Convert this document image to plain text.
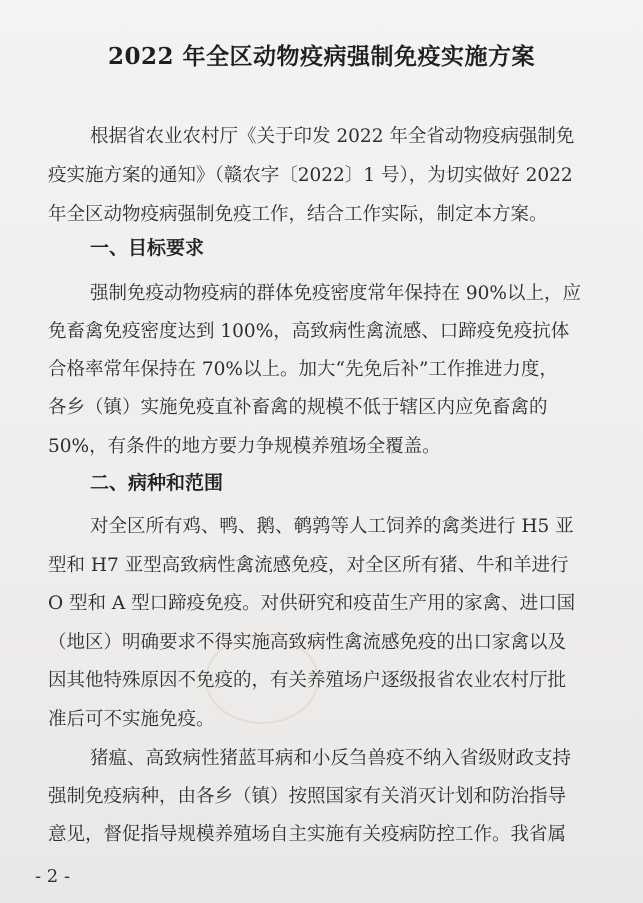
2022 年全区动物疫病强制免疫实施方案
根据省农业农村厅《关于印发 2022 年全省动物疫病强制免
疫实施方案的通知》（赣农字〔2022〕1 号），为切实做好 2022
年全区动物疫病强制免疫工作，结合工作实际，制定本方案。
一、目标要求
强制免疫动物疫病的群体免疫密度常年保持在 90%以上，应
免畜禽免疫密度达到 100%，高致病性禽流感、口蹄疫免疫抗体
合格率常年保持在 70%以上。加大“先免后补”工作推进力度，
各乡（镇）实施免疫直补畜禽的规模不低于辖区内应免畜禽的
50%，有条件的地方要力争规模养殖场全覆盖。
二、病种和范围
对全区所有鸡、鸭、鹅、鹌鹑等人工饲养的禽类进行 H5 亚
型和 H7 亚型高致病性禽流感免疫，对全区所有猪、牛和羊进行
O 型和 A 型口蹄疫免疫。对供研究和疫苗生产用的家禽、进口国
（地区）明确要求不得实施高致病性禽流感免疫的出口家禽以及
因其他特殊原因不免疫的，有关养殖场户逐级报省农业农村厅批
准后可不实施免疫。
猪瘟、高致病性猪蓝耳病和小反刍兽疫不纳入省级财政支持
强制免疫病种，由各乡（镇）按照国家有关消灭计划和防治指导
意见，督促指导规模养殖场自主实施有关疫病防控工作。我省属
- 2 -
